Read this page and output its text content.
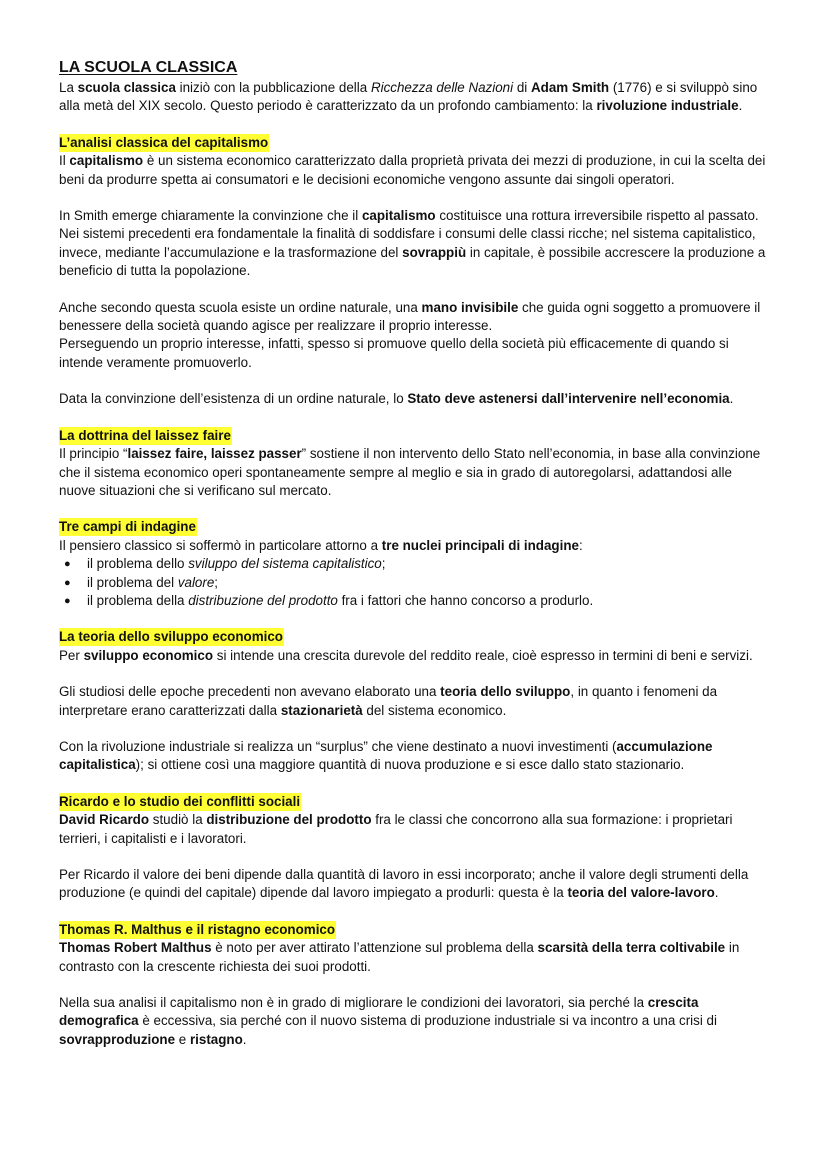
LA SCUOLA CLASSICA

La scuola classica iniziò con la pubblicazione della Ricchezza delle Nazioni di Adam Smith (1776) e si sviluppò sino alla metà del XIX secolo. Questo periodo è caratterizzato da un profondo cambiamento: la rivoluzione industriale.

L’analisi classica del capitalismo

Il capitalismo è un sistema economico caratterizzato dalla proprietà privata dei mezzi di produzione, in cui la scelta dei beni da produrre spetta ai consumatori e le decisioni economiche vengono assunte dai singoli operatori.

In Smith emerge chiaramente la convinzione che il capitalismo costituisce una rottura irreversibile rispetto al passato. Nei sistemi precedenti era fondamentale la finalità di soddisfare i consumi delle classi ricche; nel sistema capitalistico, invece, mediante l’accumulazione e la trasformazione del sovrappiù in capitale, è possibile accrescere la produzione a beneficio di tutta la popolazione.

Anche secondo questa scuola esiste un ordine naturale, una mano invisibile che guida ogni soggetto a promuovere il benessere della società quando agisce per realizzare il proprio interesse.
Perseguendo un proprio interesse, infatti, spesso si promuove quello della società più efficacemente di quando si intende veramente promuoverlo.

Data la convinzione dell’esistenza di un ordine naturale, lo Stato deve astenersi dall’intervenire nell’economia.

La dottrina del laissez faire

Il principio “laissez faire, laissez passer” sostiene il non intervento dello Stato nell’economia, in base alla convinzione che il sistema economico operi spontaneamente sempre al meglio e sia in grado di autoregolarsi, adattandosi alle nuove situazioni che si verificano sul mercato.

Tre campi di indagine

Il pensiero classico si soffermò in particolare attorno a tre nuclei principali di indagine:

● il problema dello sviluppo del sistema capitalistico;
● il problema del valore;
● il problema della distribuzione del prodotto fra i fattori che hanno concorso a produrlo.
La teoria dello sviluppo economico

Per sviluppo economico si intende una crescita durevole del reddito reale, cioè espresso in termini di beni e servizi.

Gli studiosi delle epoche precedenti non avevano elaborato una teoria dello sviluppo, in quanto i fenomeni da interpretare erano caratterizzati dalla stazionarietà del sistema economico.

Con la rivoluzione industriale si realizza un “surplus” che viene destinato a nuovi investimenti (accumulazione capitalistica); si ottiene così una maggiore quantità di nuova produzione e si esce dallo stato stazionario.

Ricardo e lo studio dei conflitti sociali

David Ricardo studiò la distribuzione del prodotto fra le classi che concorrono alla sua formazione: i proprietari terrieri, i capitalisti e i lavoratori.

Per Ricardo il valore dei beni dipende dalla quantità di lavoro in essi incorporato; anche il valore degli strumenti della produzione (e quindi del capitale) dipende dal lavoro impiegato a produrli: questa è la teoria del valore-lavoro.

Thomas R. Malthus e il ristagno economico

Thomas Robert Malthus è noto per aver attirato l’attenzione sul problema della scarsità della terra coltivabile in contrasto con la crescente richiesta dei suoi prodotti.

Nella sua analisi il capitalismo non è in grado di migliorare le condizioni dei lavoratori, sia perché la crescita demografica è eccessiva, sia perché con il nuovo sistema di produzione industriale si va incontro a una crisi di sovrapproduzione e ristagno.
